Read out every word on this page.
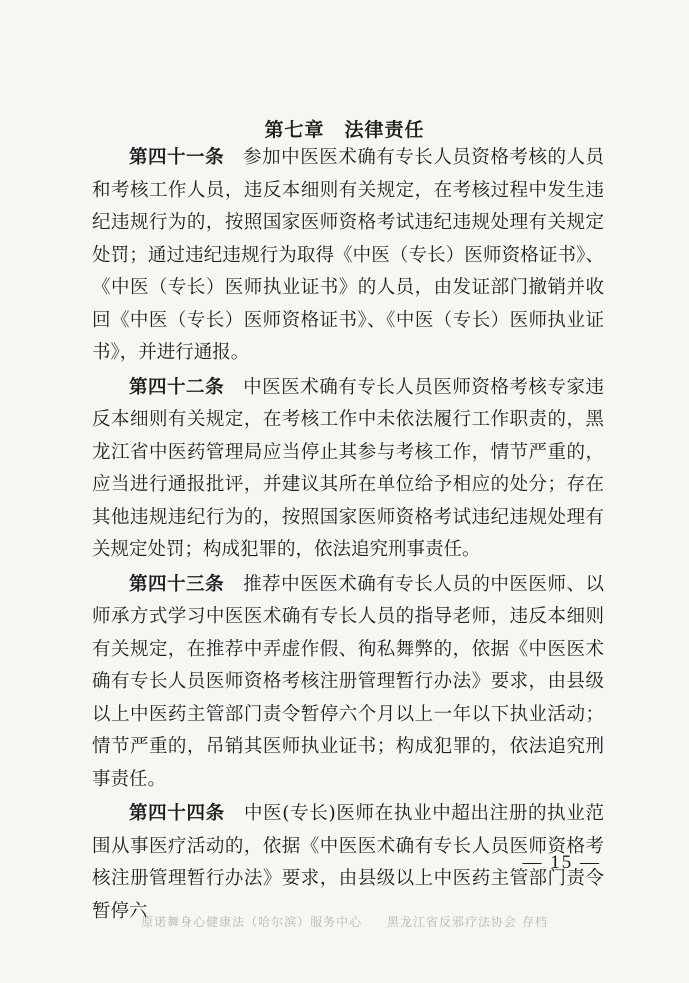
第七章　法律责任

第四十一条　 参加中医医术确有专长人员资格考核的人员和考核工作人员，违反本细则有关规定，在考核过程中发生违纪违规行为的，按照国家医师资格考试违纪违规处理有关规定处罚；通过违纪违规行为取得《中医（专长）医师资格证书》、《中医（专长）医师执业证书》的人员，由发证部门撤销并收回《中医（专长）医师资格证书》、《中医（专长）医师执业证书》，并进行通报。

第四十二条　 中医医术确有专长人员医师资格考核专家违反本细则有关规定，在考核工作中未依法履行工作职责的，黑龙江省中医药管理局应当停止其参与考核工作，情节严重的，应当进行通报批评，并建议其所在单位给予相应的处分；存在其他违规违纪行为的，按照国家医师资格考试违纪违规处理有关规定处罚；构成犯罪的，依法追究刑事责任。

第四十三条　 推荐中医医术确有专长人员的中医医师、以师承方式学习中医医术确有专长人员的指导老师，违反本细则有关规定，在推荐中弄虚作假、徇私舞弊的，依据《中医医术确有专长人员医师资格考核注册管理暂行办法》要求，由县级以上中医药主管部门责令暂停六个月以上一年以下执业活动；情节严重的，吊销其医师执业证书；构成犯罪的，依法追究刑事责任。

第四十四条　 中医(专长)医师在执业中超出注册的执业范围从事医疗活动的，依据《中医医术确有专长人员医师资格考核注册管理暂行办法》要求，由县级以上中医药主管部门责令暂停六

— 15 —
原诺舞身心健康法（哈尔滨）服务中心 黑龙江省反邪疗法协会 存档
